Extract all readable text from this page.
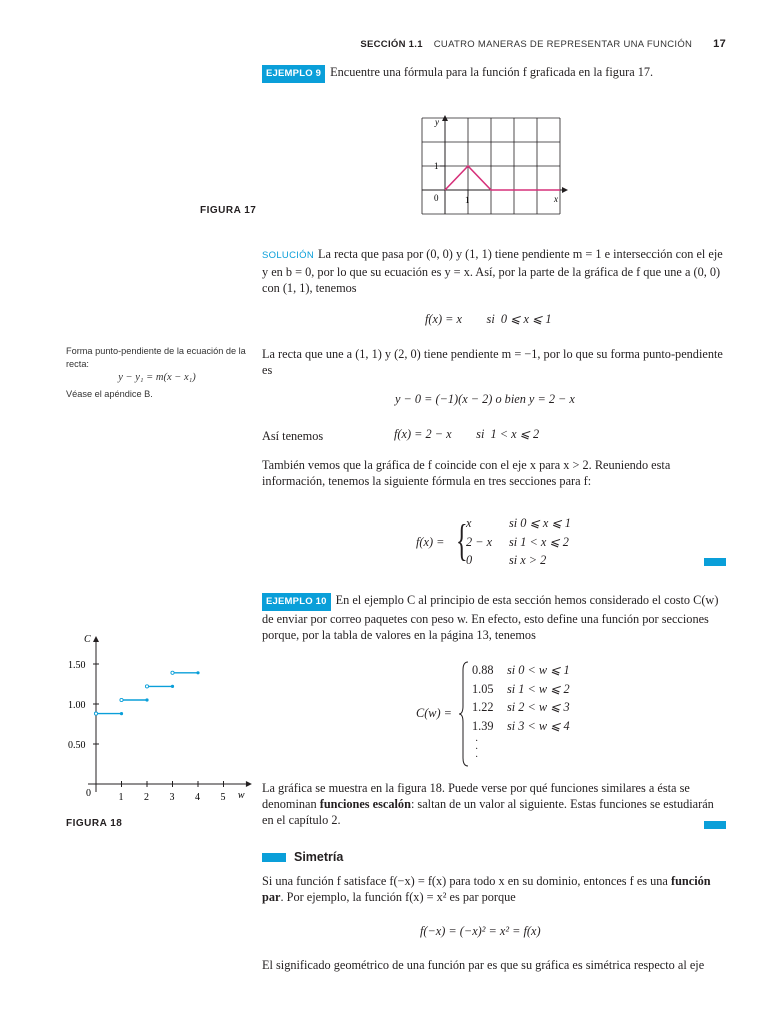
SECCIÓN 1.1 CUATRO MANERAS DE REPRESENTAR UNA FUNCIÓN 17
EJEMPLO 9 Encuentre una fórmula para la función f graficada en la figura 17.
FIGURA 17
y
x
1
1
0
SOLUCIÓN La recta que pasa por (0, 0) y (1, 1) tiene pendiente m = 1 e intersección con el eje y en b = 0, por lo que su ecuación es y = x. Así, por la parte de la gráfica de f que une a (0, 0) con (1, 1), tenemos
f(x) = x        si  0 ⩽ x ⩽ 1
Forma punto-pendiente de la ecuación de la recta:
y − y₁ = m(x − x₁)
Véase el apéndice B.
La recta que une a (1, 1) y (2, 0) tiene pendiente m = −1, por lo que su forma punto-pendiente es
y − 0 = (−1)(x − 2) o bien y = 2 − x
Así tenemos	f(x) = 2 − x        si  1 < x ⩽ 2
También vemos que la gráfica de f coincide con el eje x para x > 2. Reuniendo esta información, tenemos la siguiente fórmula en tres secciones para f:
f(x) = {
x	si 0 ⩽ x ⩽ 1
2 − x	si 1 < x ⩽ 2
0	si x > 2
EJEMPLO 10 En el ejemplo C al principio de esta sección hemos considerado el costo C(w) de enviar por correo paquetes con peso w. En efecto, esto define una función por secciones porque, por la tabla de valores en la página 13, tenemos
C(w) =
0.88	si 0 < w ⩽ 1
1.05	si 1 < w ⩽ 2
1.22	si 2 < w ⩽ 3
1.39	si 3 < w ⩽ 4
·
·
·
C
w
0	1 2 3 4 5
0.50
1.00
1.50
FIGURA 18
La gráfica se muestra en la figura 18. Puede verse por qué funciones similares a ésta se denominan funciones escalón: saltan de un valor al siguiente. Estas funciones se estudiarán en el capítulo 2.
Simetría
Si una función f satisface f(−x) = f(x) para todo x en su dominio, entonces f es una función par. Por ejemplo, la función f(x) = x² es par porque
f(−x) = (−x)² = x² = f(x)
El significado geométrico de una función par es que su gráfica es simétrica respecto al eje
